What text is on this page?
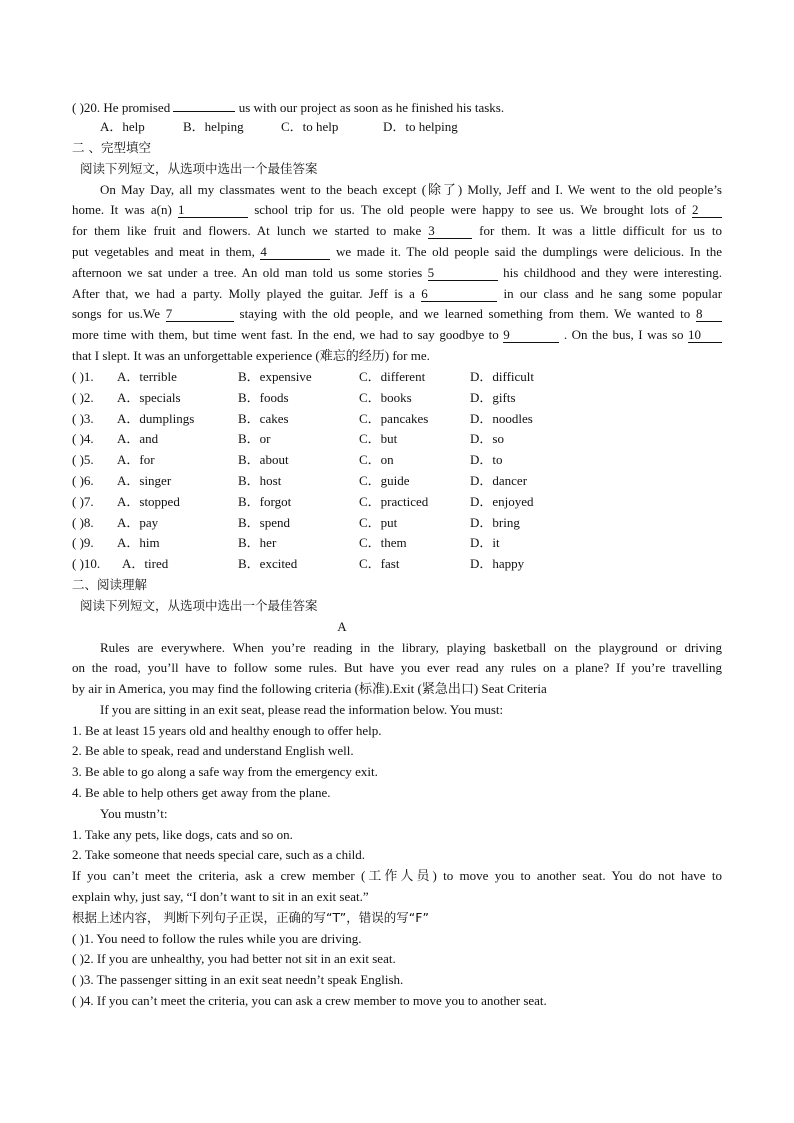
( )20. He promised	us with our project as soon as he finished his tasks.
A．help	B．helping	C．to help	D．to helping
二 、完型填空
阅读下列短文，从选项中选出一个最佳答案
On May Day, all my classmates went to the beach except (除了) Molly, Jeff and I. We went to the old people’s
home. It was a(n) 1	school trip for us. The old people were happy to see us. We brought lots of 2
for them like fruit and flowers. At lunch we started to make 3	for them. It was a little difficult for us to
put vegetables and meat in them, 4	we made it. The old people said the dumplings were delicious. In the
afternoon we sat under a tree. An old man told us some stories 5	his childhood and they were interesting.
After that, we had a party. Molly played the guitar. Jeff is a 6	in our class and he sang some popular
songs for us.We 7	staying with the old people, and we learned something from them. We wanted to 8
more time with them, but time went fast. In the end, we had to say goodbye to 9	. On the bus, I was so 10
that I slept. It was an unforgettable experience (难忘的经历) for me.
( )1. A．terrible	B．expensive	C．different	D．difficult
( )2. A．specials	B．foods	C．books	D．gifts
( )3. A．dumplings	B．cakes	C．pancakes	D．noodles
( )4. A．and	B．or	C．but	D．so
( )5. A．for	B．about	C．on	D．to
( )6. A．singer	B．host	C．guide	D．dancer
( )7. A．stopped	B．forgot	C．practiced	D．enjoyed
( )8. A．pay	B．spend	C．put	D．bring
( )9. A．him	B．her	C．them	D．it
( )10. A．tired	B．excited	C．fast	D．happy
二、阅读理解
阅读下列短文，从选项中选出一个最佳答案
A
Rules are everywhere. When you’re reading in the library, playing basketball on the playground or driving
on the road, you’ll have to follow some rules. But have you ever read any rules on a plane? If you’re travelling
by air in America, you may find the following criteria (标准).Exit (紧急出口) Seat Criteria
If you are sitting in an exit seat, please read the information below. You must:
1. Be at least 15 years old and healthy enough to offer help.
2. Be able to speak, read and understand English well.
3. Be able to go along a safe way from the emergency exit.
4. Be able to help others get away from the plane.
You mustn’t:
1. Take any pets, like dogs, cats and so on.
2. Take someone that needs special care, such as a child.
If you can’t meet the criteria, ask a crew member (工作人员) to move you to another seat. You do not have to
explain why, just say, “I don’t want to sit in an exit seat.”
根据上述内容， 判断下列句子正误，正确的写“T”，错误的写“F”
( )1. You need to follow the rules while you are driving.
( )2. If you are unhealthy, you had better not sit in an exit seat.
( )3. The passenger sitting in an exit seat needn’t speak English.
( )4. If you can’t meet the criteria, you can ask a crew member to move you to another seat.
